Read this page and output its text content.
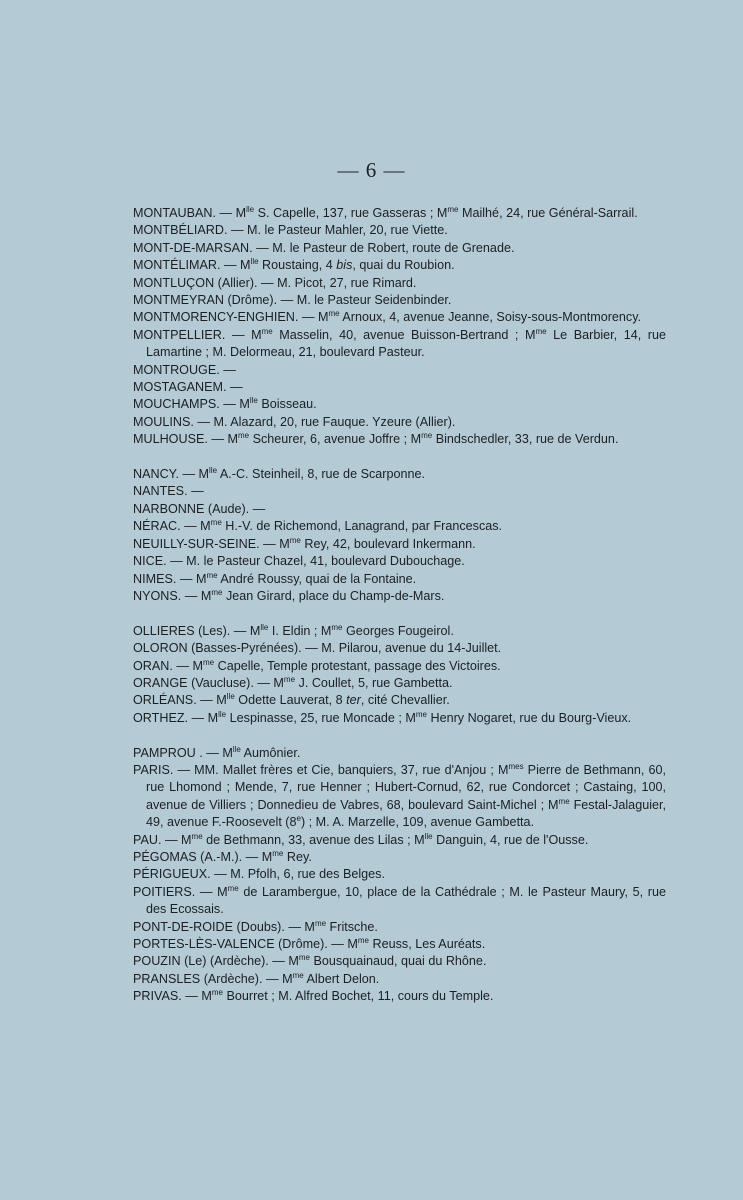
— 6 —
MONTAUBAN. — $M^{lle}$ S. Capelle, 137, rue Gasseras ; $M^{me}$ Mailhé, 24, rue Général-Sarrail.
MONTBÉLIARD. — M. le Pasteur Mahler, 20, rue Viette.
MONT-DE-MARSAN. — M. le Pasteur de Robert, route de Grenade.
MONTÉLIMAR. — $M^{lle}$ Roustaing, 4 bis, quai du Roubion.
MONTLUÇON (Allier). — M. Picot, 27, rue Rimard.
MONTMEYRAN (Drôme). — M. le Pasteur Seidenbinder.
MONTMORENCY-ENGHIEN. — $M^{me}$ Arnoux, 4, avenue Jeanne, Soisy-sous-Montmorency.
MONTPELLIER. — $M^{me}$ Masselin, 40, avenue Buisson-Bertrand ; $M^{me}$ Le Barbier, 14, rue Lamartine ; M. Delormeau, 21, boulevard Pasteur.
MONTROUGE. —
MOSTAGANEM. —
MOUCHAMPS. — $M^{lle}$ Boisseau.
MOULINS. — M. Alazard, 20, rue Fauque. Yzeure (Allier).
MULHOUSE. — $M^{me}$ Scheurer, 6, avenue Joffre ; $M^{me}$ Bindschedler, 33, rue de Verdun.
NANCY. — $M^{lle}$ A.-C. Steinheil, 8, rue de Scarponne.
NANTES. —
NARBONNE (Aude). —
NÉRAC. — $M^{me}$ H.-V. de Richemond, Lanagrand, par Francescas.
NEUILLY-SUR-SEINE. — $M^{me}$ Rey, 42, boulevard Inkermann.
NICE. — M. le Pasteur Chazel, 41, boulevard Dubouchage.
NIMES. — $M^{me}$ André Roussy, quai de la Fontaine.
NYONS. — $M^{me}$ Jean Girard, place du Champ-de-Mars.
OLLIERES (Les). — $M^{lle}$ I. Eldin ; $M^{me}$ Georges Fougeirol.
OLORON (Basses-Pyrénées). — M. Pilarou, avenue du 14-Juillet.
ORAN. — $M^{me}$ Capelle, Temple protestant, passage des Victoires.
ORANGE (Vaucluse). — $M^{me}$ J. Coullet, 5, rue Gambetta.
ORLÉANS. — $M^{lle}$ Odette Lauverat, 8 ter, cité Chevallier.
ORTHEZ. — $M^{lle}$ Lespinasse, 25, rue Moncade ; $M^{me}$ Henry Nogaret, rue du Bourg-Vieux.
PAMPROU . — $M^{lle}$ Aumônier.
PARIS. — MM. Mallet frères et Cie, banquiers, 37, rue d'Anjou ; $M^{mes}$ Pierre de Bethmann, 60, rue Lhomond ; Mende, 7, rue Henner ; Hubert-Cornud, 62, rue Condorcet ; Castaing, 100, avenue de Villiers ; Donnedieu de Vabres, 68, boulevard Saint-Michel ; $M^{me}$ Festal-Jalaguier, 49, avenue F.-Roosevelt (8e) ; M. A. Marzelle, 109, avenue Gambetta.
PAU. — $M^{me}$ de Bethmann, 33, avenue des Lilas ; $M^{lle}$ Danguin, 4, rue de l'Ousse.
PÉGOMAS (A.-M.). — $M^{me}$ Rey.
PÉRIGUEUX. — M. Pfolh, 6, rue des Belges.
POITIERS. — $M^{me}$ de Larambergue, 10, place de la Cathédrale ; M. le Pasteur Maury, 5, rue des Ecossais.
PONT-DE-ROIDE (Doubs). — $M^{me}$ Fritsche.
PORTES-LÈS-VALENCE (Drôme). — $M^{me}$ Reuss, Les Auréats.
POUZIN (Le) (Ardèche). — $M^{me}$ Bousquainaud, quai du Rhône.
PRANSLES (Ardèche). — $M^{me}$ Albert Delon.
PRIVAS. — $M^{me}$ Bourret ; M. Alfred Bochet, 11, cours du Temple.
